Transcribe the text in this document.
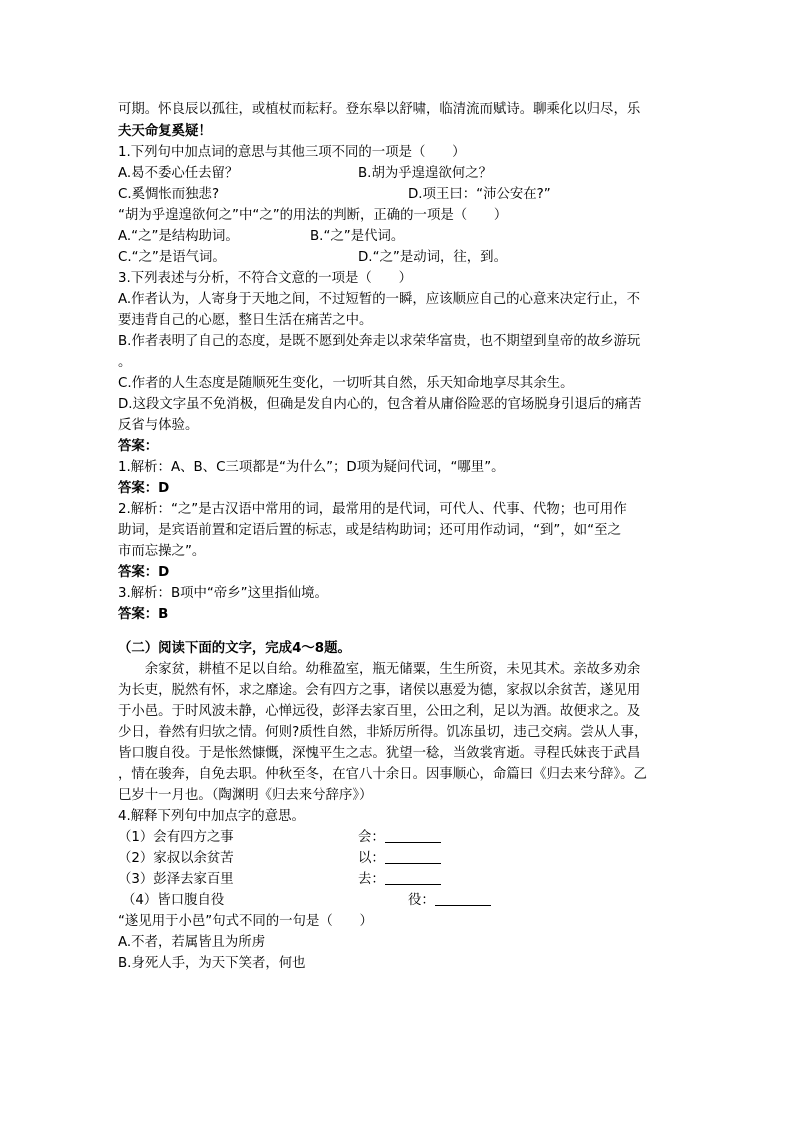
可期。怀良辰以孤往，或植杖而耘耔。登东皋以舒啸，临清流而赋诗。聊乘化以归尽，乐
夫天命复奚疑！
1.下列句中加点词的意思与其他三项不同的一项是（　　）
A.曷不委心任去留？	B.胡为乎遑遑欲何之？
C.奚惆怅而独悲?	D.项王曰：“沛公安在?”
“胡为乎遑遑欲何之”中“之”的用法的判断，正确的一项是（　　）
A.“之”是结构助词。	B.“之”是代词。
C.“之”是语气词。	D.“之”是动词，往，到。
3.下列表述与分析，不符合文意的一项是（　　）
A.作者认为，人寄身于天地之间，不过短暂的一瞬，应该顺应自己的心意来决定行止，不
要违背自己的心愿，整日生活在痛苦之中。
B.作者表明了自己的态度，是既不愿到处奔走以求荣华富贵，也不期望到皇帝的故乡游玩
。
C.作者的人生态度是随顺死生变化，一切听其自然，乐天知命地享尽其余生。
D.这段文字虽不免消极，但确是发自内心的，包含着从庸俗险恶的官场脱身引退后的痛苦
反省与体验。
答案：
1.解析：A、B、C三项都是“为什么”；D项为疑问代词，“哪里”。
答案：D
2.解析：“之”是古汉语中常用的词，最常用的是代词，可代人、代事、代物；也可用作
助词，是宾语前置和定语后置的标志，或是结构助词；还可用作动词，“到”，如“至之
市而忘操之”。
答案：D
3.解析：B项中“帝乡”这里指仙境。
答案：B
（二）阅读下面的文字，完成4～8题。
　　余家贫，耕植不足以自给。幼稚盈室，瓶无储粟，生生所资，未见其术。亲故多劝余
为长吏，脱然有怀，求之靡途。会有四方之事，诸侯以惠爱为德，家叔以余贫苦，遂见用
于小邑。于时风波未静，心惮远役，彭泽去家百里，公田之利，足以为酒。故便求之。及
少日，眷然有归欤之情。何则?质性自然，非矫厉所得。饥冻虽切，违己交病。尝从人事，
皆口腹自役。于是怅然慷慨，深愧平生之志。犹望一稔，当敛裳宵逝。寻程氏妹丧于武昌
，情在骏奔，自免去职。仲秋至冬，在官八十余日。因事顺心，命篇曰《归去来兮辞》。乙
巳岁十一月也。（陶渊明《归去来兮辞序》）
4.解释下列句中加点字的意思。
（1）会有四方之事	会：
（2）家叔以余贫苦	以：
（3）彭泽去家百里	去：
（4）皆口腹自役	役：
“遂见用于小邑”句式不同的一句是（　　）
A.不者，若属皆且为所虏
B.身死人手，为天下笑者，何也
